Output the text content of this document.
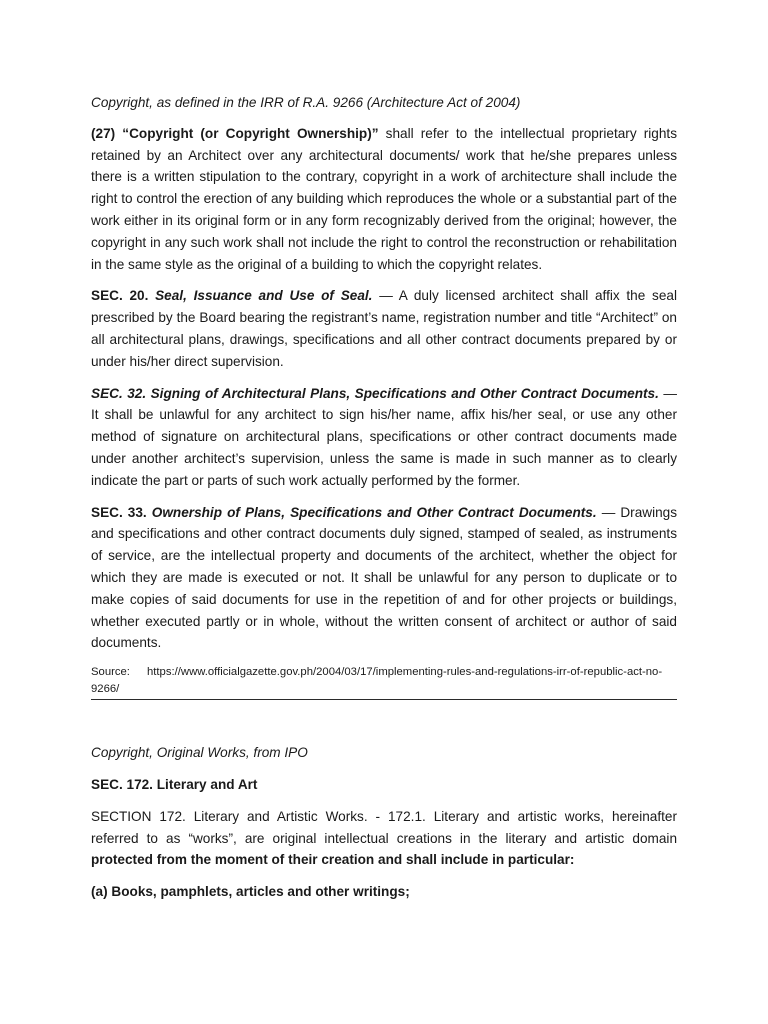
Copyright, as defined in the IRR of R.A. 9266 (Architecture Act of 2004)

(27) “Copyright (or Copyright Ownership)” shall refer to the intellectual proprietary rights retained by an Architect over any architectural documents/ work that he/she prepares unless there is a written stipulation to the contrary, copyright in a work of architecture shall include the right to control the erection of any building which reproduces the whole or a substantial part of the work either in its original form or in any form recognizably derived from the original; however, the copyright in any such work shall not include the right to control the reconstruction or rehabilitation in the same style as the original of a building to which the copyright relates.

SEC. 20. Seal, Issuance and Use of Seal. — A duly licensed architect shall affix the seal prescribed by the Board bearing the registrant’s name, registration number and title “Architect” on all architectural plans, drawings, specifications and all other contract documents prepared by or under his/her direct supervision.

SEC. 32. Signing of Architectural Plans, Specifications and Other Contract Documents. — It shall be unlawful for any architect to sign his/her name, affix his/her seal, or use any other method of signature on architectural plans, specifications or other contract documents made under another architect’s supervision, unless the same is made in such manner as to clearly indicate the part or parts of such work actually performed by the former.

SEC. 33. Ownership of Plans, Specifications and Other Contract Documents. — Drawings and specifications and other contract documents duly signed, stamped of sealed, as instruments of service, are the intellectual property and documents of the architect, whether the object for which they are made is executed or not. It shall be unlawful for any person to duplicate or to make copies of said documents for use in the repetition of and for other projects or buildings, whether executed partly or in whole, without the written consent of architect or author of said documents.

Source: https://www.officialgazette.gov.ph/2004/03/17/implementing-rules-and-regulations-irr-of-republic-act-no-9266/

Copyright, Original Works, from IPO

SEC. 172. Literary and Art

SECTION 172. Literary and Artistic Works. - 172.1. Literary and artistic works, hereinafter referred to as “works”, are original intellectual creations in the literary and artistic domain protected from the moment of their creation and shall include in particular:

(a) Books, pamphlets, articles and other writings;
